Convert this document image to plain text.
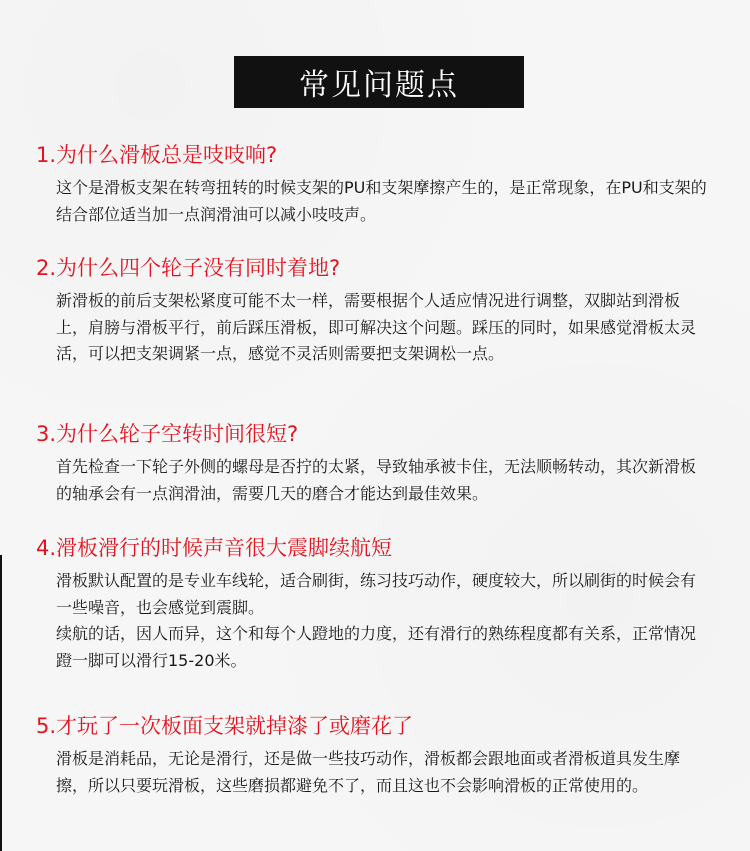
常见问题点
1.为什么滑板总是吱吱响?

这个是滑板支架在转弯扭转的时候支架的PU和支架摩擦产生的，是正常现象，在PU和支架的结合部位适当加一点润滑油可以减小吱吱声。

2.为什么四个轮子没有同时着地?

新滑板的前后支架松紧度可能不太一样，需要根据个人适应情况进行调整，双脚站到滑板上，肩膀与滑板平行，前后踩压滑板，即可解决这个问题。踩压的同时，如果感觉滑板太灵活，可以把支架调紧一点，感觉不灵活则需要把支架调松一点。

3.为什么轮子空转时间很短?

首先检查一下轮子外侧的螺母是否拧的太紧，导致轴承被卡住，无法顺畅转动，其次新滑板的轴承会有一点润滑油，需要几天的磨合才能达到最佳效果。

4.滑板滑行的时候声音很大震脚续航短

滑板默认配置的是专业车线轮，适合刷街，练习技巧动作，硬度较大，所以刷街的时候会有一些噪音，也会感觉到震脚。

续航的话，因人而异，这个和每个人蹬地的力度，还有滑行的熟练程度都有关系，正常情况蹬一脚可以滑行15-20米。

5.才玩了一次板面支架就掉漆了或磨花了

滑板是消耗品，无论是滑行，还是做一些技巧动作，滑板都会跟地面或者滑板道具发生摩擦，所以只要玩滑板，这些磨损都避免不了，而且这也不会影响滑板的正常使用的。
